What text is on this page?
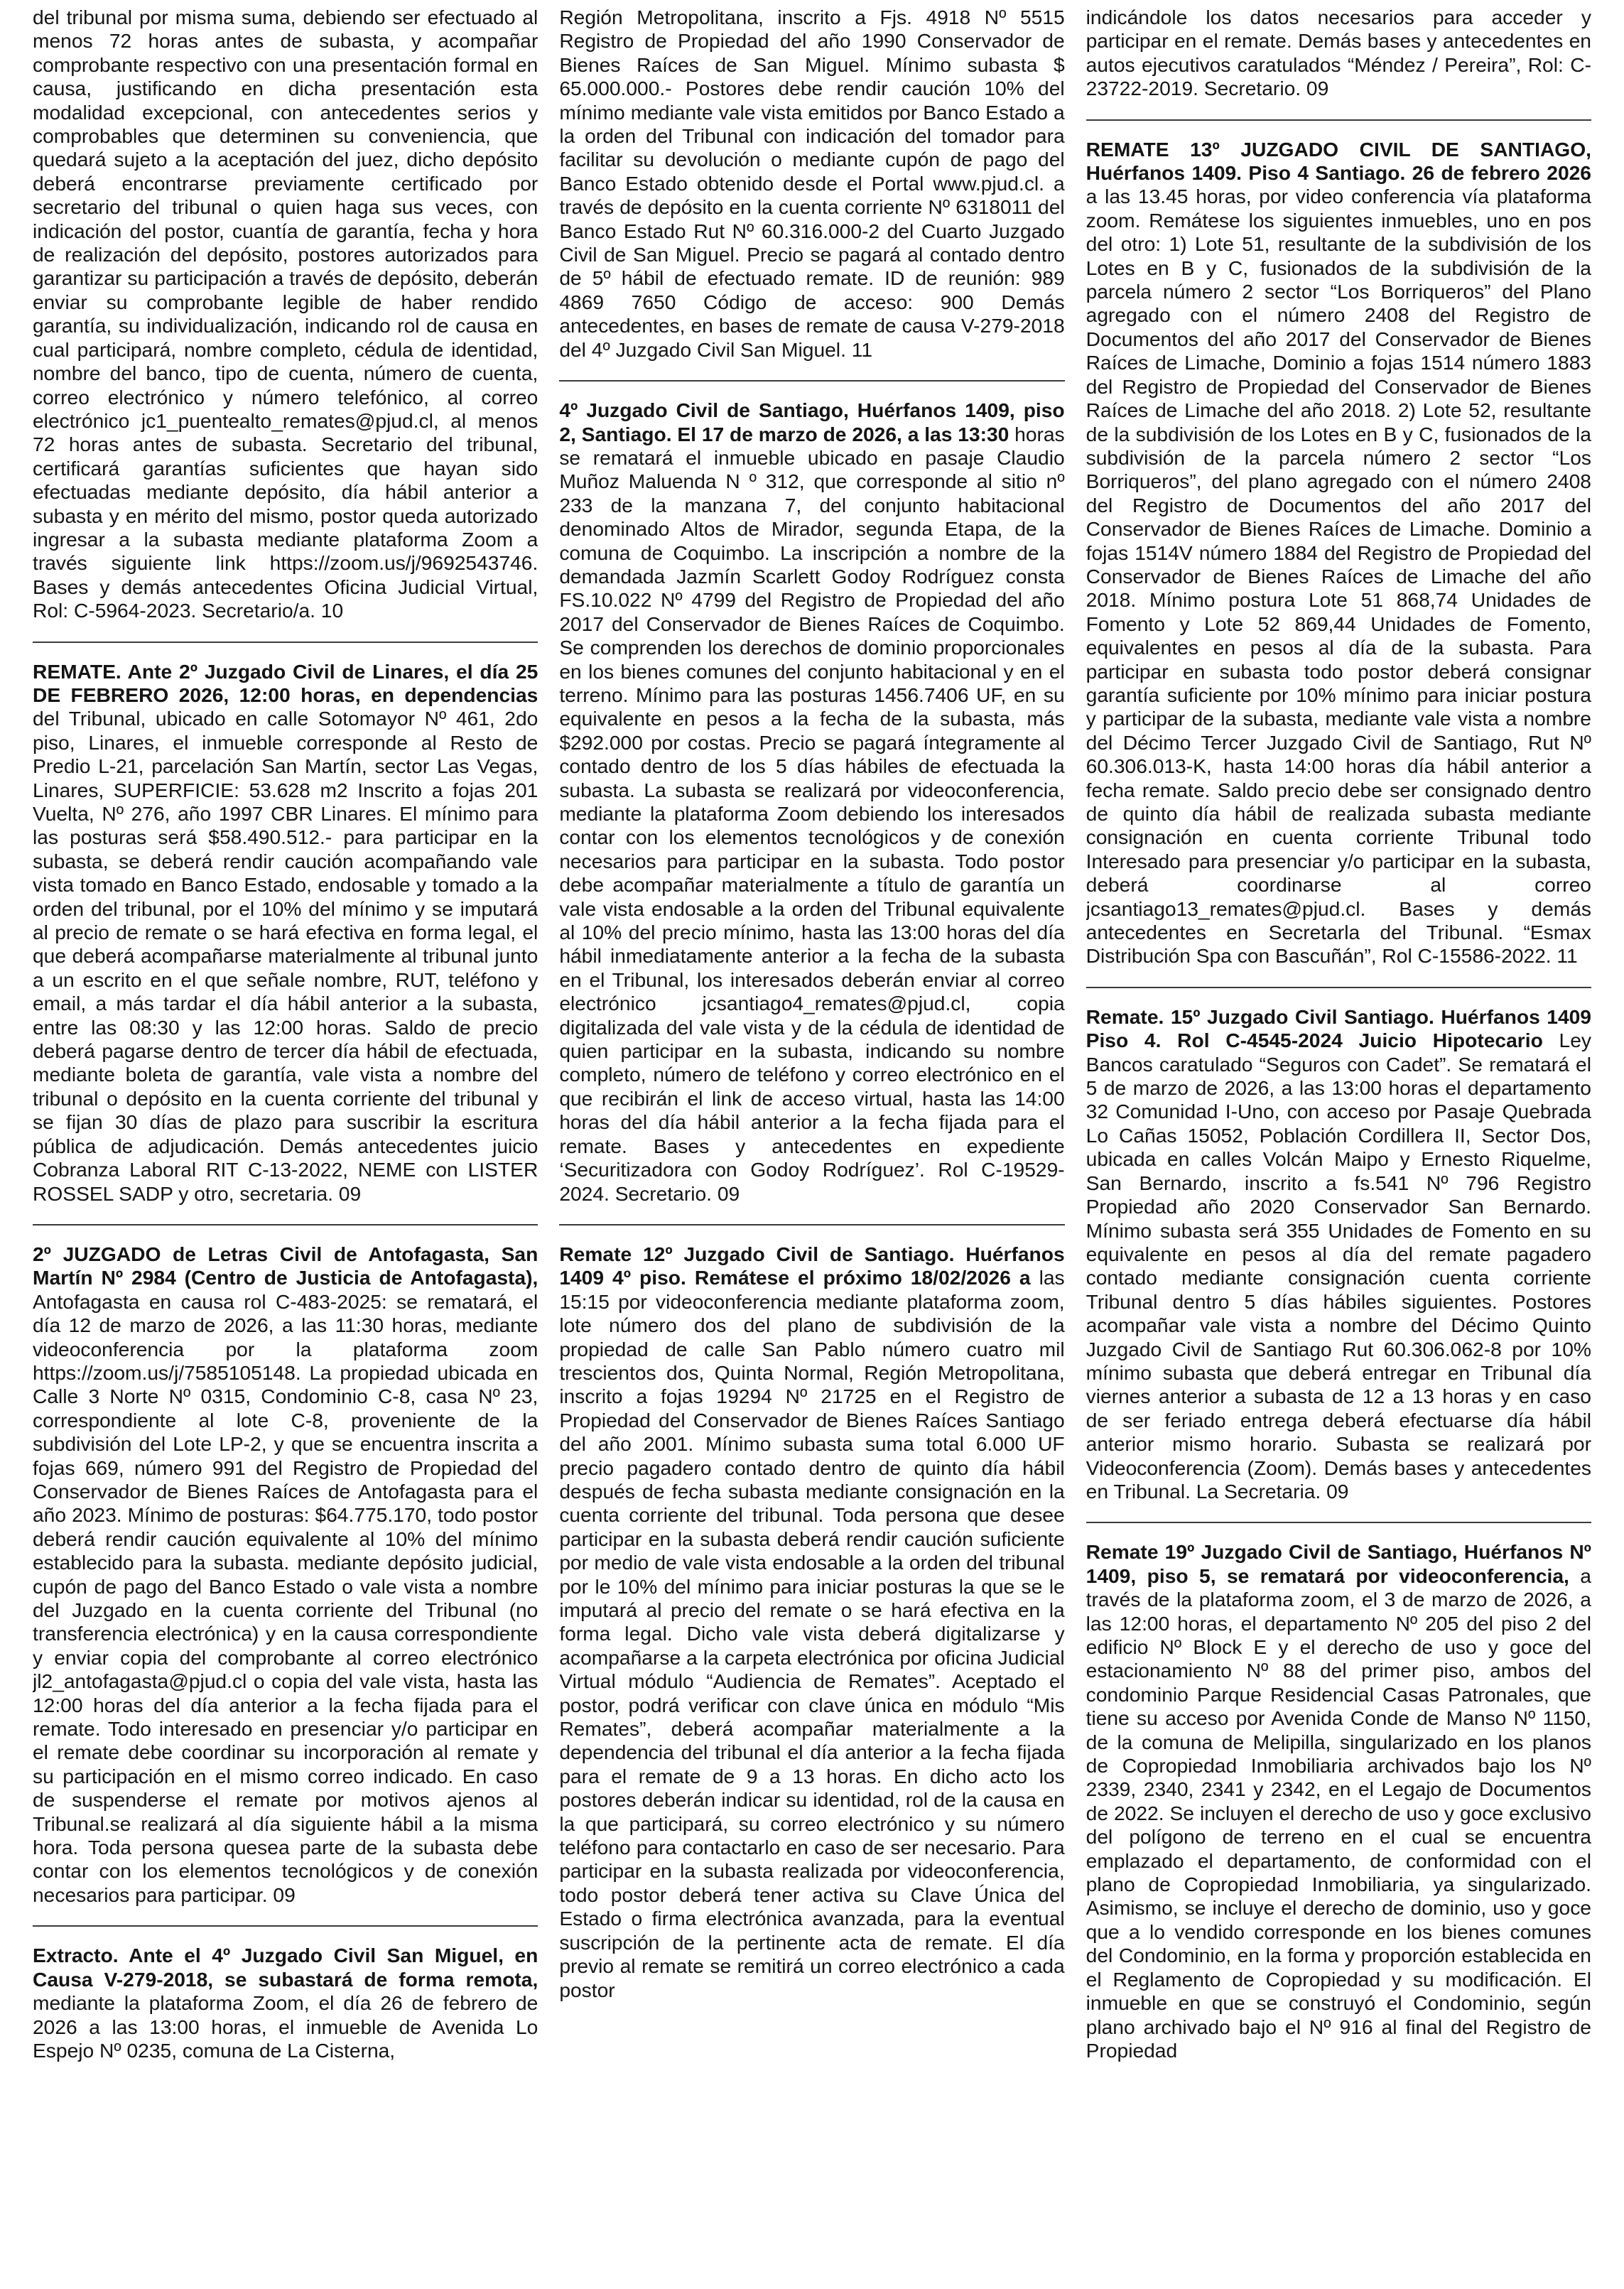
del tribunal por misma suma, debiendo ser efectuado al menos 72 horas antes de subasta, y acompañar comprobante respectivo con una presentación formal en causa, justificando en dicha presentación esta modalidad excepcional, con antecedentes serios y comprobables que determinen su conveniencia, que quedará sujeto a la aceptación del juez, dicho depósito deberá encontrarse previamente certificado por secretario del tribunal o quien haga sus veces, con indicación del postor, cuantía de garantía, fecha y hora de realización del depósito, postores autorizados para garantizar su participación a través de depósito, deberán enviar su comprobante legible de haber rendido garantía, su individualización, indicando rol de causa en cual participará, nombre completo, cédula de identidad, nombre del banco, tipo de cuenta, número de cuenta, correo electrónico y número telefónico, al correo electrónico jc1_puentealto_remates@pjud.cl, al menos 72 horas antes de subasta. Secretario del tribunal, certificará garantías suficientes que hayan sido efectuadas mediante depósito, día hábil anterior a subasta y en mérito del mismo, postor queda autorizado ingresar a la subasta mediante plataforma Zoom a través siguiente link https://zoom.us/j/9692543746. Bases y demás antecedentes Oficina Judicial Virtual, Rol: C-5964-2023. Secretario/a. 10

REMATE. Ante 2º Juzgado Civil de Linares, el día 25 DE FEBRERO 2026, 12:00 horas, en dependencias del Tribunal, ubicado en calle Sotomayor Nº 461, 2do piso, Linares, el inmueble corresponde al Resto de Predio L-21, parcelación San Martín, sector Las Vegas, Linares, SUPERFICIE: 53.628 m2 Inscrito a fojas 201 Vuelta, Nº 276, año 1997 CBR Linares. El mínimo para las posturas será $58.490.512.- para participar en la subasta, se deberá rendir caución acompañando vale vista tomado en Banco Estado, endosable y tomado a la orden del tribunal, por el 10% del mínimo y se imputará al precio de remate o se hará efectiva en forma legal, el que deberá acompañarse materialmente al tribunal junto a un escrito en el que señale nombre, RUT, teléfono y email, a más tardar el día hábil anterior a la subasta, entre las 08:30 y las 12:00 horas. Saldo de precio deberá pagarse dentro de tercer día hábil de efectuada, mediante boleta de garantía, vale vista a nombre del tribunal o depósito en la cuenta corriente del tribunal y se fijan 30 días de plazo para suscribir la escritura pública de adjudicación. Demás antecedentes juicio Cobranza Laboral RIT C-13-2022, NEME con LISTER ROSSEL SADP y otro, secretaria. 09

2º JUZGADO de Letras Civil de Antofagasta, San Martín Nº 2984 (Centro de Justicia de Antofagasta), Antofagasta en causa rol C-483-2025: se rematará, el día 12 de marzo de 2026, a las 11:30 horas, mediante videoconferencia por la plataforma zoom https://zoom.us/j/7585105148. La propiedad ubicada en Calle 3 Norte Nº 0315, Condominio C-8, casa Nº 23, correspondiente al lote C-8, proveniente de la subdivisión del Lote LP-2, y que se encuentra inscrita a fojas 669, número 991 del Registro de Propiedad del Conservador de Bienes Raíces de Antofagasta para el año 2023. Mínimo de posturas: $64.775.170, todo postor deberá rendir caución equivalente al 10% del mínimo establecido para la subasta. mediante depósito judicial, cupón de pago del Banco Estado o vale vista a nombre del Juzgado en la cuenta corriente del Tribunal (no transferencia electrónica) y en la causa correspondiente y enviar copia del comprobante al correo electrónico jl2_antofagasta@pjud.cl o copia del vale vista, hasta las 12:00 horas del día anterior a la fecha fijada para el remate. Todo interesado en presenciar y/o participar en el remate debe coordinar su incorporación al remate y su participación en el mismo correo indicado. En caso de suspenderse el remate por motivos ajenos al Tribunal.se realizará al día siguiente hábil a la misma hora. Toda persona quesea parte de la subasta debe contar con los elementos tecnológicos y de conexión necesarios para participar. 09

Extracto. Ante el 4º Juzgado Civil San Miguel, en Causa V-279-2018, se subastará de forma remota, mediante la plataforma Zoom, el día 26 de febrero de 2026 a las 13:00 horas, el inmueble de Avenida Lo Espejo Nº 0235, comuna de La Cisterna,

Región Metropolitana, inscrito a Fjs. 4918 Nº 5515 Registro de Propiedad del año 1990 Conservador de Bienes Raíces de San Miguel. Mínimo subasta $ 65.000.000.- Postores debe rendir caución 10% del mínimo mediante vale vista emitidos por Banco Estado a la orden del Tribunal con indicación del tomador para facilitar su devolución o mediante cupón de pago del Banco Estado obtenido desde el Portal www.pjud.cl. a través de depósito en la cuenta corriente Nº 6318011 del Banco Estado Rut Nº 60.316.000-2 del Cuarto Juzgado Civil de San Miguel. Precio se pagará al contado dentro de 5º hábil de efectuado remate. ID de reunión: 989 4869 7650 Código de acceso: 900 Demás antecedentes, en bases de remate de causa V-279-2018 del 4º Juzgado Civil San Miguel. 11

4º Juzgado Civil de Santiago, Huérfanos 1409, piso 2, Santiago. El 17 de marzo de 2026, a las 13:30 horas se rematará el inmueble ubicado en pasaje Claudio Muñoz Maluenda N º 312, que corresponde al sitio nº 233 de la manzana 7, del conjunto habitacional denominado Altos de Mirador, segunda Etapa, de la comuna de Coquimbo. La inscripción a nombre de la demandada Jazmín Scarlett Godoy Rodríguez consta FS.10.022 Nº 4799 del Registro de Propiedad del año 2017 del Conservador de Bienes Raíces de Coquimbo. Se comprenden los derechos de dominio proporcionales en los bienes comunes del conjunto habitacional y en el terreno. Mínimo para las posturas 1456.7406 UF, en su equivalente en pesos a la fecha de la subasta, más $292.000 por costas. Precio se pagará íntegramente al contado dentro de los 5 días hábiles de efectuada la subasta. La subasta se realizará por videoconferencia, mediante la plataforma Zoom debiendo los interesados contar con los elementos tecnológicos y de conexión necesarios para participar en la subasta. Todo postor debe acompañar materialmente a título de garantía un vale vista endosable a la orden del Tribunal equivalente al 10% del precio mínimo, hasta las 13:00 horas del día hábil inmediatamente anterior a la fecha de la subasta en el Tribunal, los interesados deberán enviar al correo electrónico jcsantiago4_remates@pjud.cl, copia digitalizada del vale vista y de la cédula de identidad de quien participar en la subasta, indicando su nombre completo, número de teléfono y correo electrónico en el que recibirán el link de acceso virtual, hasta las 14:00 horas del día hábil anterior a la fecha fijada para el remate. Bases y antecedentes en expediente ‘Securitizadora con Godoy Rodríguez’. Rol C-19529-2024. Secretario. 09

Remate 12º Juzgado Civil de Santiago. Huérfanos 1409 4º piso. Remátese el próximo 18/02/2026 a las 15:15 por videoconferencia mediante plataforma zoom, lote número dos del plano de subdivisión de la propiedad de calle San Pablo número cuatro mil trescientos dos, Quinta Normal, Región Metropolitana, inscrito a fojas 19294 Nº 21725 en el Registro de Propiedad del Conservador de Bienes Raíces Santiago del año 2001. Mínimo subasta suma total 6.000 UF precio pagadero contado dentro de quinto día hábil después de fecha subasta mediante consignación en la cuenta corriente del tribunal. Toda persona que desee participar en la subasta deberá rendir caución suficiente por medio de vale vista endosable a la orden del tribunal por le 10% del mínimo para iniciar posturas la que se le imputará al precio del remate o se hará efectiva en la forma legal. Dicho vale vista deberá digitalizarse y acompañarse a la carpeta electrónica por oficina Judicial Virtual módulo “Audiencia de Remates”. Aceptado el postor, podrá verificar con clave única en módulo “Mis Remates”, deberá acompañar materialmente a la dependencia del tribunal el día anterior a la fecha fijada para el remate de 9 a 13 horas. En dicho acto los postores deberán indicar su identidad, rol de la causa en la que participará, su correo electrónico y su número teléfono para contactarlo en caso de ser necesario. Para participar en la subasta realizada por videoconferencia, todo postor deberá tener activa su Clave Única del Estado o firma electrónica avanzada, para la eventual suscripción de la pertinente acta de remate. El día previo al remate se remitirá un correo electrónico a cada postor

indicándole los datos necesarios para acceder y participar en el remate. Demás bases y antecedentes en autos ejecutivos caratulados “Méndez / Pereira”, Rol: C-23722-2019. Secretario. 09

REMATE 13º JUZGADO CIVIL DE SANTIAGO, Huérfanos 1409. Piso 4 Santiago. 26 de febrero 2026 a las 13.45 horas, por video conferencia vía plataforma zoom. Remátese los siguientes inmuebles, uno en pos del otro: 1) Lote 51, resultante de la subdivisión de los Lotes en B y C, fusionados de la subdivisión de la parcela número 2 sector “Los Borriqueros” del Plano agregado con el número 2408 del Registro de Documentos del año 2017 del Conservador de Bienes Raíces de Limache, Dominio a fojas 1514 número 1883 del Registro de Propiedad del Conservador de Bienes Raíces de Limache del año 2018. 2) Lote 52, resultante de la subdivisión de los Lotes en B y C, fusionados de la subdivisión de la parcela número 2 sector “Los Borriqueros”, del plano agregado con el número 2408 del Registro de Documentos del año 2017 del Conservador de Bienes Raíces de Limache. Dominio a fojas 1514V número 1884 del Registro de Propiedad del Conservador de Bienes Raíces de Limache del año 2018. Mínimo postura Lote 51 868,74 Unidades de Fomento y Lote 52 869,44 Unidades de Fomento, equivalentes en pesos al día de la subasta. Para participar en subasta todo postor deberá consignar garantía suficiente por 10% mínimo para iniciar postura y participar de la subasta, mediante vale vista a nombre del Décimo Tercer Juzgado Civil de Santiago, Rut Nº 60.306.013-K, hasta 14:00 horas día hábil anterior a fecha remate. Saldo precio debe ser consignado dentro de quinto día hábil de realizada subasta mediante consignación en cuenta corriente Tribunal todo Interesado para presenciar y/o participar en la subasta, deberá coordinarse al correo jcsantiago13_remates@pjud.cl. Bases y demás antecedentes en Secretarla del Tribunal. “Esmax Distribución Spa con Bascuñán”, Rol C-15586-2022. 11

Remate. 15º Juzgado Civil Santiago. Huérfanos 1409 Piso 4. Rol C-4545-2024 Juicio Hipotecario Ley Bancos caratulado “Seguros con Cadet”. Se rematará el 5 de marzo de 2026, a las 13:00 horas el departamento 32 Comunidad I-Uno, con acceso por Pasaje Quebrada Lo Cañas 15052, Población Cordillera II, Sector Dos, ubicada en calles Volcán Maipo y Ernesto Riquelme, San Bernardo, inscrito a fs.541 Nº 796 Registro Propiedad año 2020 Conservador San Bernardo. Mínimo subasta será 355 Unidades de Fomento en su equivalente en pesos al día del remate pagadero contado mediante consignación cuenta corriente Tribunal dentro 5 días hábiles siguientes. Postores acompañar vale vista a nombre del Décimo Quinto Juzgado Civil de Santiago Rut 60.306.062-8 por 10% mínimo subasta que deberá entregar en Tribunal día viernes anterior a subasta de 12 a 13 horas y en caso de ser feriado entrega deberá efectuarse día hábil anterior mismo horario. Subasta se realizará por Videoconferencia (Zoom). Demás bases y antecedentes en Tribunal. La Secretaria. 09

Remate 19º Juzgado Civil de Santiago, Huérfanos Nº 1409, piso 5, se rematará por videoconferencia, a través de la plataforma zoom, el 3 de marzo de 2026, a las 12:00 horas, el departamento Nº 205 del piso 2 del edificio Nº Block E y el derecho de uso y goce del estacionamiento Nº 88 del primer piso, ambos del condominio Parque Residencial Casas Patronales, que tiene su acceso por Avenida Conde de Manso Nº 1150, de la comuna de Melipilla, singularizado en los planos de Copropiedad Inmobiliaria archivados bajo los Nº 2339, 2340, 2341 y 2342, en el Legajo de Documentos de 2022. Se incluyen el derecho de uso y goce exclusivo del polígono de terreno en el cual se encuentra emplazado el departamento, de conformidad con el plano de Copropiedad Inmobiliaria, ya singularizado. Asimismo, se incluye el derecho de dominio, uso y goce que a lo vendido corresponde en los bienes comunes del Condominio, en la forma y proporción establecida en el Reglamento de Copropiedad y su modificación. El inmueble en que se construyó el Condominio, según plano archivado bajo el Nº 916 al final del Registro de Propiedad
